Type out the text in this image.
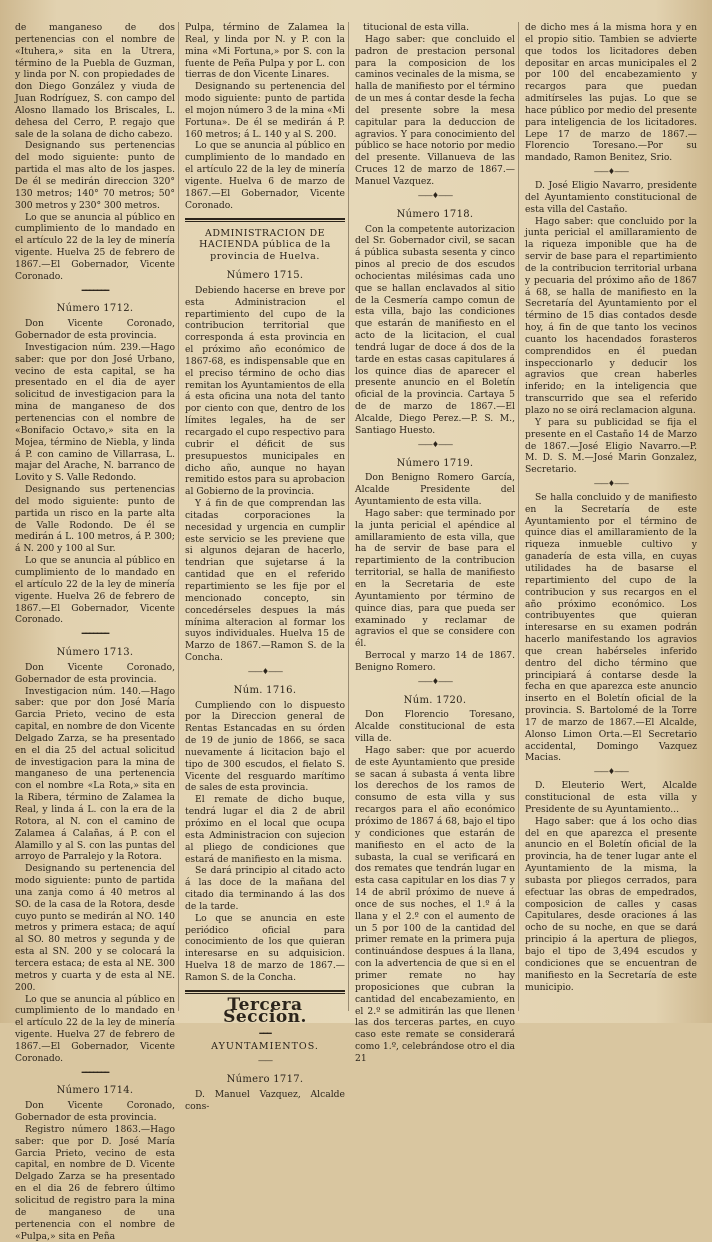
de manganeso de dos pertenencias con el nombre de «Ituhera,» sita en la Utrera, término de la Puebla de Guzman, y linda por N. con propiedades de don Diego González y viuda de Juan Rodríguez, S. con campo del Alosno llamado los Briscales, L. dehesa del Cerro, P. regajo que sale de la solana de dicho cabezo.

Designando sus pertenencias del modo siguiente: punto de partida el mas alto de los jaspes. De él se medirán direccion 320° 130 metros; 140° 70 metros; 50° 300 metros y 230° 300 metros.

Lo que se anuncia al público en cumplimiento de lo mandado en el artículo 22 de la ley de minería vigente. Huelva 25 de febrero de 1867.—El Gobernador, Vicente Coronado.

━━━━━━━
Número 1712.

Don Vicente Coronado, Gobernador de esta provincia.

Investigacion núm. 239.—Hago saber: que por don José Urbano, vecino de esta capital, se ha presentado en el dia de ayer solicitud de investigacion para la mina de manganeso de dos pertenencias con el nombre de «Bonifacio Octavo,» sita en la Mojea, término de Niebla, y linda á P. con camino de Villarrasa, L. majar del Arache, N. barranco de Lovito y S. Valle Redondo.

Designando sus pertenencias del modo siguiente: punto de partida un risco en la parte alta de Valle Rodondo. De él se medirán á L. 100 metros, á P. 300; á N. 200 y 100 al Sur.

Lo que se anuncia al público en cumplimiento de lo mandado en el artículo 22 de la ley de minería vigente. Huelva 26 de febrero de 1867.—El Gobernador, Vicente Coronado.

━━━━━━━
Número 1713.

Don Vicente Coronado, Gobernador de esta provincia.

Investigacion núm. 140.—Hago saber: que por don José María Garcia Prieto, vecino de esta capital, en nombre de don Vicente Delgado Zarza, se ha presentado en el dia 25 del actual solicitud de investigacion para la mina de manganeso de una pertenencia con el nombre «La Rota,» sita en la Ribera, término de Zalamea la Real, y linda á L. con la era de la Rotora, al N. con el camino de Zalamea á Calañas, á P. con el Alamillo y al S. con las puntas del arroyo de Parralejo y la Rotora.

Designando su pertenencia del modo siguiente: punto de partida una zanja como á 40 metros al SO. de la casa de la Rotora, desde cuyo punto se medirán al NO. 140 metros y primera estaca; de aquí al SO. 80 metros y segunda y de esta al SN. 200 y se colocará la tercera estaca; de esta al NE. 300 metros y cuarta y de esta al NE. 200.

Lo que se anuncia al público en cumplimiento de lo mandado en el artículo 22 de la ley de minería vigente. Huelva 27 de febrero de 1867.—El Gobernador, Vicente Coronado.

━━━━━━━
Número 1714.

Don Vicente Coronado, Gobernador de esta provincia.

Registro número 1863.—Hago saber: que por D. José María Garcia Prieto, vecino de esta capital, en nombre de D. Vicente Delgado Zarza se ha presentado en el dia 26 de febrero último solicitud de registro para la mina de manganeso de una pertenencia con el nombre de «Pulpa,» sita en Peña

Pulpa, término de Zalamea la Real, y linda por N. y P. con la mina «Mi Fortuna,» por S. con la fuente de Peña Pulpa y por L. con tierras de don Vicente Linares.

Designando su pertenencia del modo siguiente: punto de partida el mojon número 3 de la mina «Mi Fortuna». De él se medirán á P. 160 metros; á L. 140 y al S. 200.

Lo que se anuncia al público en cumplimiento de lo mandado en el artículo 22 de la ley de minería vigente. Huelva 6 de marzo de 1867.—El Gobernador, Vicente Coronado.

ADMINISTRACION DE HACIENDA pública de la provincia de Huelva.
Número 1715.

Debiendo hacerse en breve por esta Administracion el repartimiento del cupo de la contribucion territorial que corresponda á esta provincia en el próximo año económico de 1867-68, es indispensable que en el preciso término de ocho dias remitan los Ayuntamientos de ella á esta oficina una nota del tanto por ciento con que, dentro de los límites legales, ha de ser recargado el cupo respectivo para cubrir el déficit de sus presupuestos municipales en dicho año, aunque no hayan remitido estos para su aprobacion al Gobierno de la provincia.

Y á fin de que comprendan las citadas corporaciones la necesidad y urgencia en cumplir este servicio se les previene que si algunos dejaran de hacerlo, tendrian que sujetarse á la cantidad que en el referido repartimiento se les fije por el mencionado concepto, sin concedérseles despues la más mínima alteracion al formar los suyos individuales. Huelva 15 de Marzo de 1867.—Ramon S. de la Concha.

——♦——
Núm. 1716.

Cumpliendo con lo dispuesto por la Direccion general de Rentas Estancadas en su órden de 19 de junio de 1866, se saca nuevamente á licitacion bajo el tipo de 300 escudos, el fielato S. Vicente del resguardo marítimo de sales de esta provincia.

El remate de dicho buque, tendrá lugar el dia 2 de abril próximo en el local que ocupa esta Administracion con sujecion al pliego de condiciones que estará de manifiesto en la misma.

Se dará principio al citado acto á las doce de la mañana del citado dia terminando á las dos de la tarde.

Lo que se anuncia en este periódico oficial para conocimiento de los que quieran interesarse en su adquisicion. Huelva 18 de marzo de 1867.—Ramon S. de la Concha.

Tercera Seccion.
━━━
AYUNTAMIENTOS.
——
Número 1717.

D. Manuel Vazquez, Alcalde cons-

titucional de esta villa.

Hago saber: que concluido el padron de prestacion personal para la composicion de los caminos vecinales de la misma, se halla de manifiesto por el término de un mes á contar desde la fecha del presente sobre la mesa capitular para la deduccion de agravios. Y para conocimiento del público se hace notorio por medio del presente. Villanueva de las Cruces 12 de marzo de 1867.—Manuel Vazquez.

——♦——
Número 1718.

Con la competente autorizacion del Sr. Gobernador civil, se sacan á pública subasta sesenta y cinco pinos al precio de dos escudos ochocientas milésimas cada uno que se hallan enclavados al sitio de la Cesmería campo comun de esta villa, bajo las condiciones que estarán de manifiesto en el acto de la licitacion, el cual tendrá lugar de doce á dos de la tarde en estas casas capitulares á los quince dias de aparecer el presente anuncio en el Boletín oficial de la provincia. Cartaya 5 de de marzo de 1867.—El Alcalde, Diego Perez.—P. S. M., Santiago Huesto.

——♦——
Número 1719.

Don Benigno Romero García, Alcalde Presidente del Ayuntamiento de esta villa.

Hago saber: que terminado por la junta pericial el apéndice al amillaramiento de esta villa, que ha de servir de base para el repartimiento de la contribucion territorial, se halla de manifiesto en la Secretaria de este Ayuntamiento por término de quince dias, para que pueda ser examinado y reclamar de agravios el que se considere con él.

Berrocal y marzo 14 de 1867. Benigno Romero.

——♦——
Núm. 1720.

Don Florencio Toresano, Alcalde constitucional de esta villa de.

Hago saber: que por acuerdo de este Ayuntamiento que preside se sacan á subasta á venta libre los derechos de los ramos de consumo de esta villa y sus recargos para el año económico próximo de 1867 á 68, bajo el tipo y condiciones que estarán de manifiesto en el acto de la subasta, la cual se verificará en dos remates que tendrán lugar en esta casa capitular en los dias 7 y 14 de abril próximo de nueve á once de sus noches, el 1.º á la llana y el 2.º con el aumento de un 5 por 100 de la cantidad del primer remate en la primera puja continuándose despues á la llana, con la advertencia de que si en el primer remate no hay proposiciones que cubran la cantidad del encabezamiento, en el 2.º se admitirán las que llenen las dos terceras partes, en cuyo caso este remate se considerará como 1.º, celebrándose otro el dia 21

de dicho mes á la misma hora y en el propio sitio. Tambien se advierte que todos los licitadores deben depositar en arcas municipales el 2 por 100 del encabezamiento y recargos para que puedan admitírseles las pujas. Lo que se hace público por medio del presente para inteligencia de los licitadores. Lepe 17 de marzo de 1867.—Florencio Toresano.—Por su mandado, Ramon Benitez, Srio.

——♦——

D. José Eligio Navarro, presidente del Ayuntamiento constitucional de esta villa del Castaño.

Hago saber: que concluido por la junta pericial el amillaramiento de la riqueza imponible que ha de servir de base para el repartimiento de la contribucion territorial urbana y pecuaria del próximo año de 1867 á 68, se halla de manifiesto en la Secretaría del Ayuntamiento por el término de 15 dias contados desde hoy, á fin de que tanto los vecinos cuanto los hacendados forasteros comprendidos en él puedan inspeccionarlo y deducir los agravios que crean haberles inferido; en la inteligencia que transcurrido que sea el referido plazo no se oirá reclamacion alguna.

Y para su publicidad se fija el presente en el Castaño 14 de Marzo de 1867.—José Eligio Navarro.—P. M. D. S. M.—José Marin Gonzalez, Secretario.

——♦——

Se halla concluido y de manifiesto en la Secretaría de este Ayuntamiento por el término de quince dias el amillaramiento de la riqueza inmueble cultivo y ganadería de esta villa, en cuyas utilidades ha de basarse el repartimiento del cupo de la contribucion y sus recargos en el año próximo económico. Los contribuyentes que quieran interesarse en su examen podrán hacerlo manifestando los agravios que crean habérseles inferido dentro del dicho término que principiará á contarse desde la fecha en que aparezca este anuncio inserto en el Boletín oficial de la provincia. S. Bartolomé de la Torre 17 de marzo de 1867.—El Alcalde, Alonso Limon Orta.—El Secretario accidental, Domingo Vazquez Macias.

——♦——

D. Eleuterio Wert, Alcalde constitucional de esta villa y Presidente de su Ayuntamiento...

Hago saber: que á los ocho dias del en que aparezca el presente anuncio en el Boletín oficial de la provincia, ha de tener lugar ante el Ayuntamiento de la misma, la subasta por pliegos cerrados, para efectuar las obras de empedrados, composicion de calles y casas Capitulares, desde oraciones á las ocho de su noche, en que se dará principio á la apertura de pliegos, bajo el tipo de 3,494 escudos y condiciones que se encuentran de manifiesto en la Secretaría de este municipio.
